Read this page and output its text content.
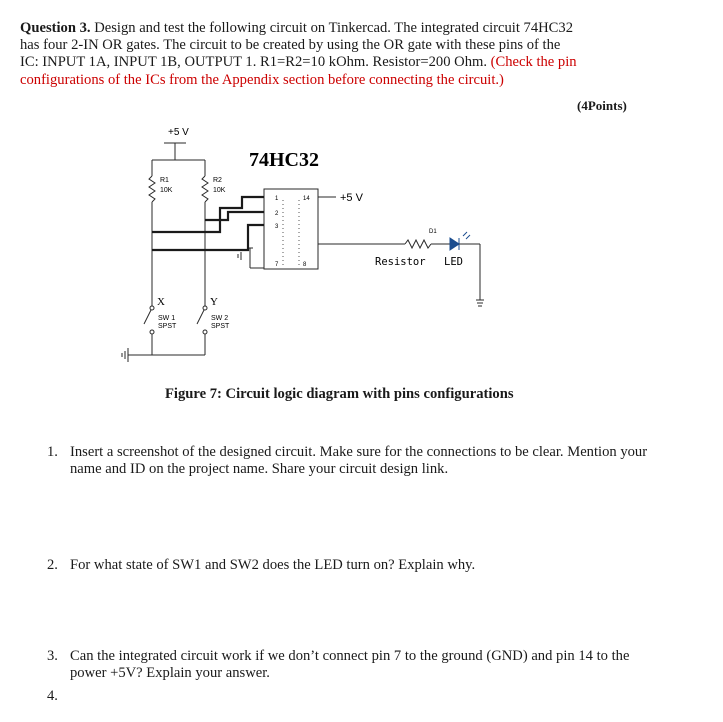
Question 3. Design and test the following circuit on Tinkercad. The integrated circuit 74HC32
has four 2-IN OR gates. The circuit to be created by using the OR gate with these pins of the
IC: INPUT 1A, INPUT 1B, OUTPUT 1. R1=R2=10 kOhm. Resistor=200 Ohm. (Check the pin
configurations of the ICs from the Appendix section before connecting the circuit.)
(4Points)
+5 V
74HC32
R1
10K
R2
10K
+5 V
1	14
2
3
7	8
D1
Resistor LED
X	Y
SW 1
SPST
SW 2
SPST
Figure 7: Circuit logic diagram with pins configurations
1. Insert a screenshot of the designed circuit. Make sure for the connections to be clear. Mention your name and ID on the project name. Share your circuit design link.
2. For what state of SW1 and SW2 does the LED turn on? Explain why.
3. Can the integrated circuit work if we don’t connect pin 7 to the ground (GND) and pin 14 to the power +5V? Explain your answer.
4.
